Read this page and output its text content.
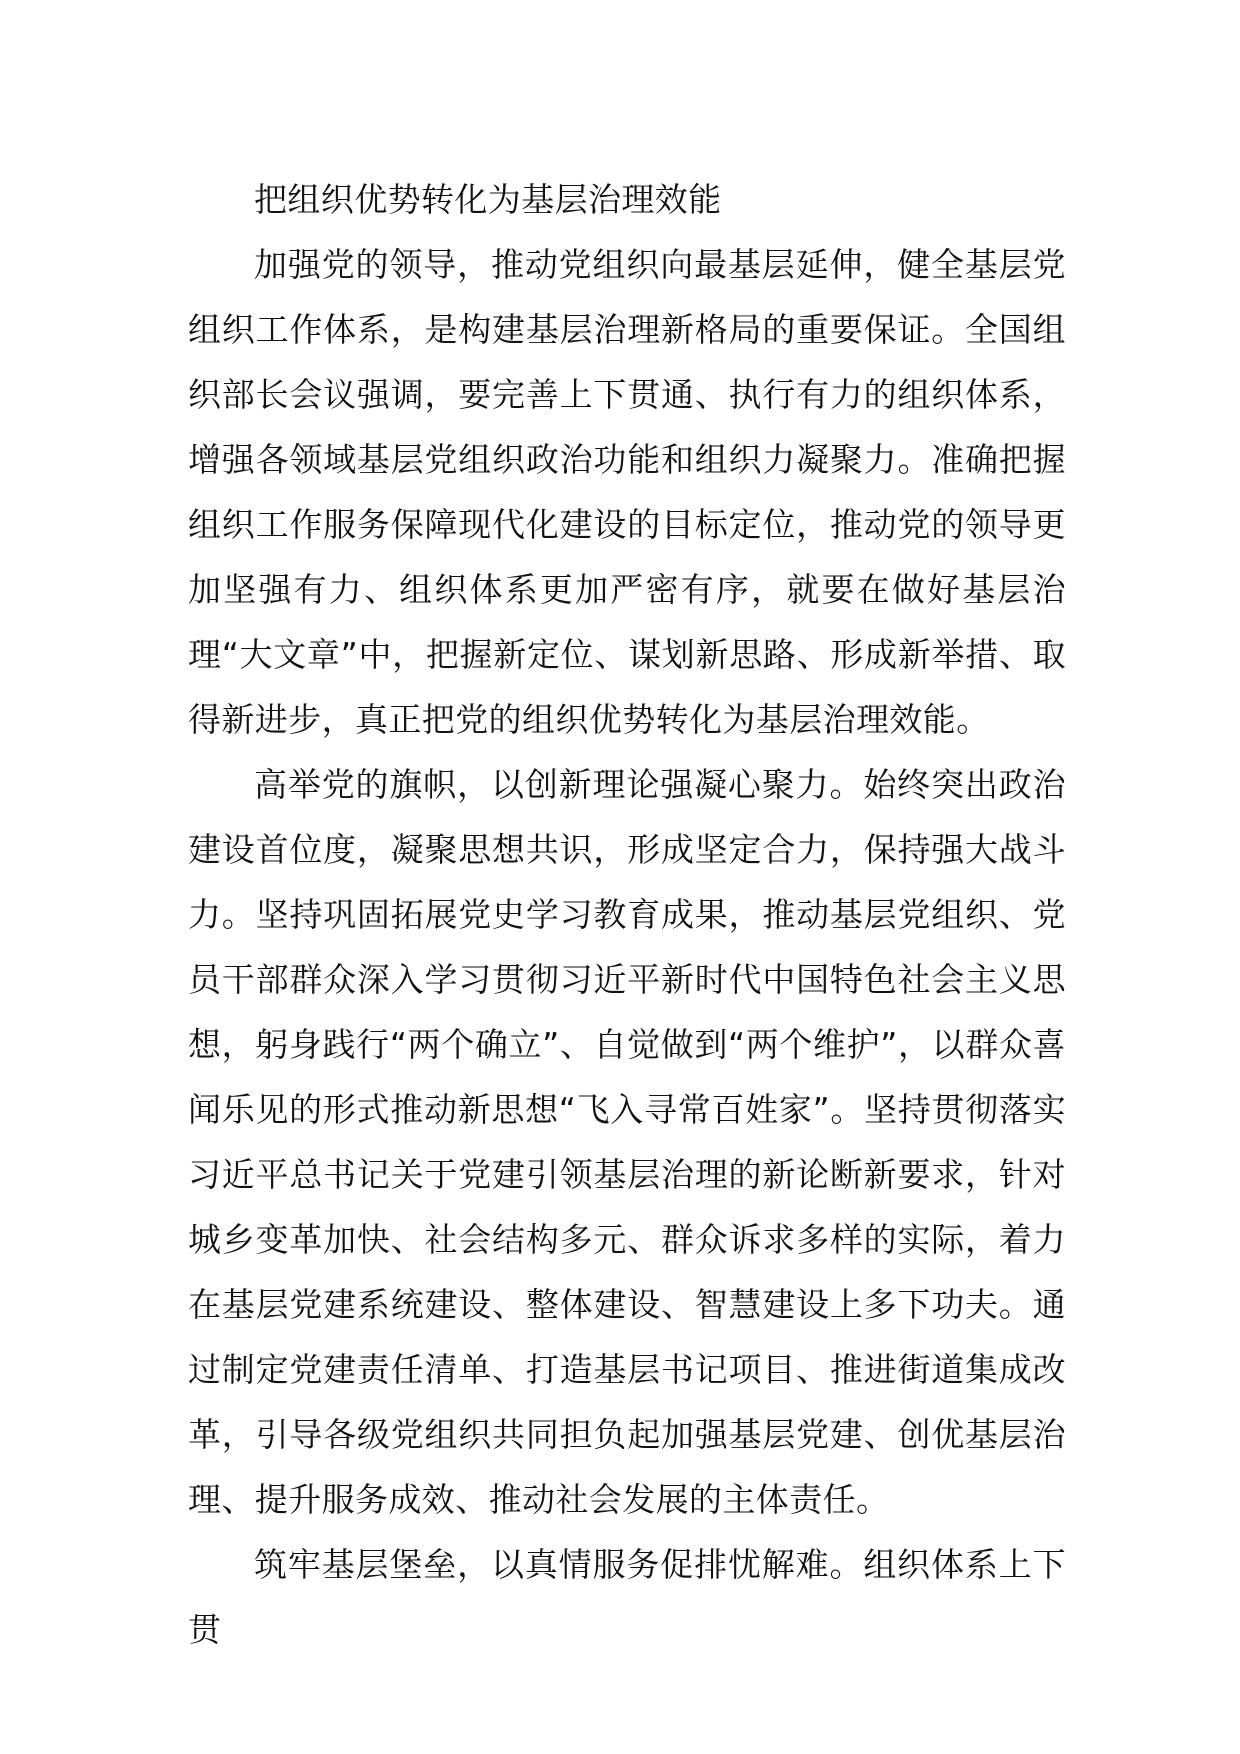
把组织优势转化为基层治理效能

加强党的领导，推动党组织向最基层延伸，健全基层党组织工作体系，是构建基层治理新格局的重要保证。全国组织部长会议强调，要完善上下贯通、执行有力的组织体系，增强各领域基层党组织政治功能和组织力凝聚力。准确把握组织工作服务保障现代化建设的目标定位，推动党的领导更加坚强有力、组织体系更加严密有序，就要在做好基层治理“大文章”中，把握新定位、谋划新思路、形成新举措、取得新进步，真正把党的组织优势转化为基层治理效能。

高举党的旗帜，以创新理论强凝心聚力。始终突出政治建设首位度，凝聚思想共识，形成坚定合力，保持强大战斗力。坚持巩固拓展党史学习教育成果，推动基层党组织、党员干部群众深入学习贯彻习近平新时代中国特色社会主义思想，躬身践行“两个确立”、自觉做到“两个维护”，以群众喜闻乐见的形式推动新思想“飞入寻常百姓家”。坚持贯彻落实习近平总书记关于党建引领基层治理的新论断新要求，针对城乡变革加快、社会结构多元、群众诉求多样的实际，着力在基层党建系统建设、整体建设、智慧建设上多下功夫。通过制定党建责任清单、打造基层书记项目、推进街道集成改革，引导各级党组织共同担负起加强基层党建、创优基层治理、提升服务成效、推动社会发展的主体责任。

筑牢基层堡垒，以真情服务促排忧解难。组织体系上下贯
